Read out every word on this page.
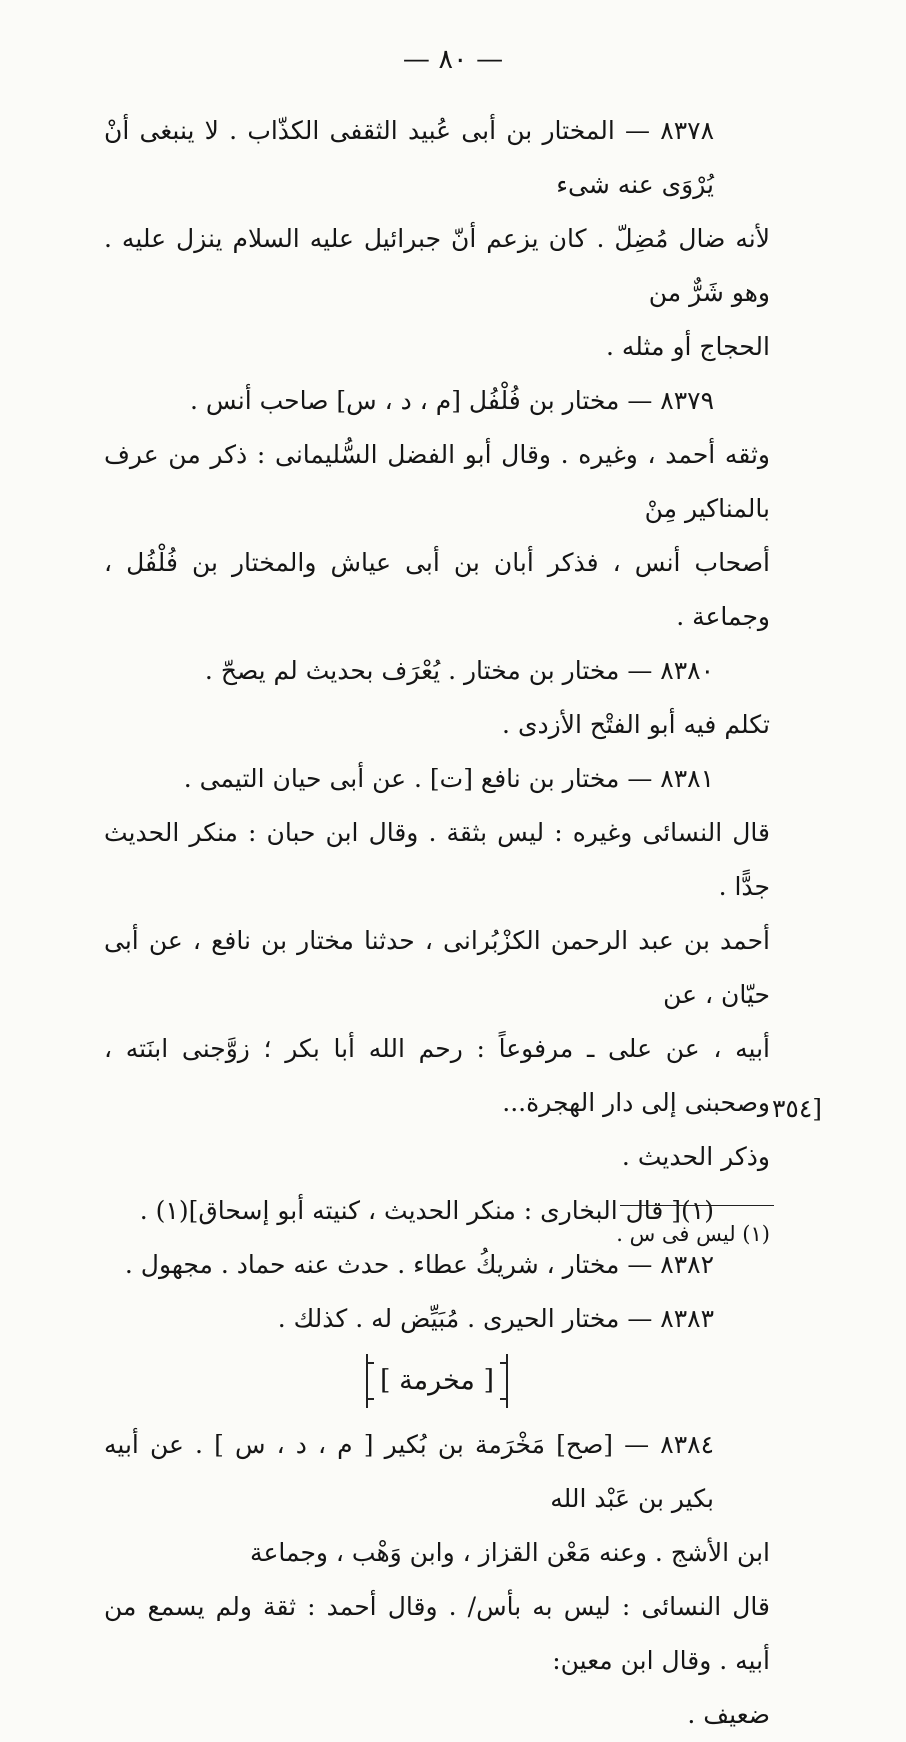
— ٨٠ —

٨٣٧٨ — المختار بن أبى عُبيد الثقفى الكذّاب . لا ينبغى أنْ يُرْوَى عنه شىء

لأنه ضال مُضِلّ . كان يزعم أنّ جبرائيل عليه السلام ينزل عليه . وهو شَرٌّ من

الحجاج أو مثله .

٨٣٧٩ — مختار بن فُلْفُل [م ، د ، س] صاحب أنس .

وثقه أحمد ، وغيره . وقال أبو الفضل السُّليمانى : ذكر من عرف بالمناكير مِنْ

أصحاب أنس ، فذكر أبان بن أبى عياش والمختار بن فُلْفُل ، وجماعة .

٨٣٨٠ — مختار بن مختار . يُعْرَف بحديث لم يصحّ .

تكلم فيه أبو الفتْح الأزدى .

٨٣٨١ — مختار بن نافع [ت] . عن أبى حيان التيمى .

قال النسائى وغيره : ليس بثقة . وقال ابن حبان : منكر الحديث جدًّا .

أحمد بن عبد الرحمن الكزْبُرانى ، حدثنا مختار بن نافع ، عن أبى حيّان ، عن

أبيه ، عن على ـ مرفوعاً : رحم الله أبا بكر ؛ زوَّجنى ابنَته ، وصحبنى إلى دار الهجرة...

وذكر الحديث .

(١)[ قال البخارى : منكر الحديث ، كنيته أبو إسحاق](١) .

٨٣٨٢ — مختار ، شريكُ عطاء . حدث عنه حماد . مجهول .

٨٣٨٣ — مختار الحيرى . مُبَيِّض له . كذلك .

[ مخرمة ]

٨٣٨٤ — [صح] مَخْرَمة بن بُكير [ م ، د ، س ] . عن أبيه بكير بن عَبْد الله

ابن الأشج . وعنه مَعْن القزاز ، وابن وَهْب ، وجماعة

قال النسائى : ليس به بأس/ . وقال أحمد : ثقة ولم يسمع من أبيه . وقال ابن معين:

ضعيف .

[٣٥٤
(١) ليس فى س .
